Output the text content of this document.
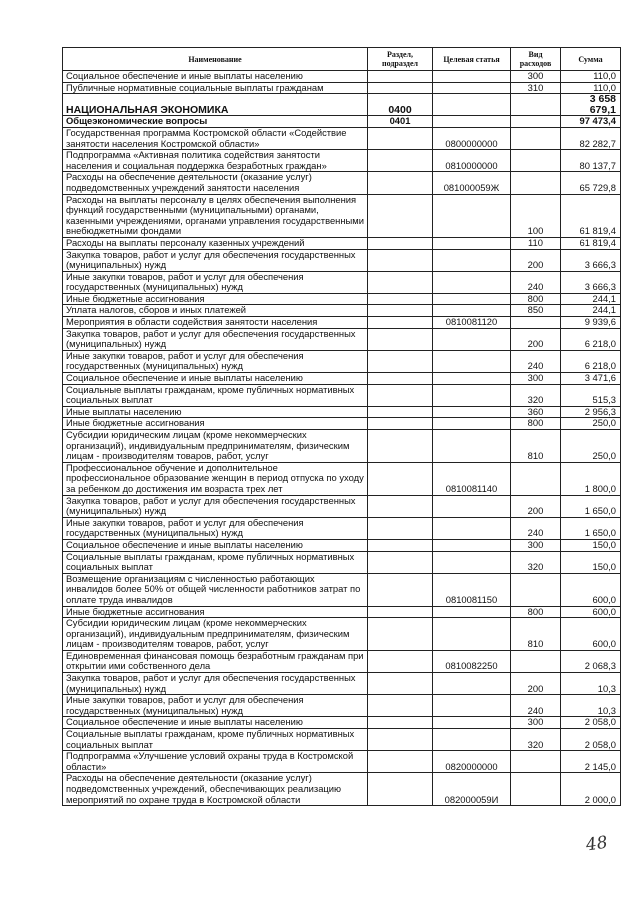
Наименование	Раздел, подраздел	Целевая статья	Вид расходов	Сумма
Социальное обеспечение и иные выплаты населению			300	110,0
Публичные нормативные социальные выплаты гражданам			310	110,0
НАЦИОНАЛЬНАЯ ЭКОНОМИКА	0400			3 658 679,1
Общеэкономические вопросы	0401			97 473,4
Государственная программа Костромской области «Содействие занятости населения Костромской области»		0800000000		82 282,7
Подпрограмма «Активная политика содействия занятости населения и социальная поддержка безработных граждан»		0810000000		80 137,7
Расходы на обеспечение деятельности (оказание услуг) подведомственных учреждений занятости населения		081000059Ж		65 729,8
Расходы на выплаты персоналу в целях обеспечения выполнения функций государственными (муниципальными) органами, казенными учреждениями, органами управления государственными внебюджетными фондами			100	61 819,4
Расходы на выплаты персоналу казенных учреждений			110	61 819,4
Закупка товаров, работ и услуг для обеспечения государственных (муниципальных) нужд			200	3 666,3
Иные закупки товаров, работ и услуг для обеспечения государственных (муниципальных) нужд			240	3 666,3
Иные бюджетные ассигнования			800	244,1
Уплата налогов, сборов и иных платежей			850	244,1
Мероприятия в области содействия занятости населения		0810081120		9 939,6
Закупка товаров, работ и услуг для обеспечения государственных (муниципальных) нужд			200	6 218,0
Иные закупки товаров, работ и услуг для обеспечения государственных (муниципальных) нужд			240	6 218,0
Социальное обеспечение и иные выплаты населению			300	3 471,6
Социальные выплаты гражданам, кроме публичных нормативных социальных выплат			320	515,3
Иные выплаты населению			360	2 956,3
Иные бюджетные ассигнования			800	250,0
Субсидии юридическим лицам (кроме некоммерческих организаций), индивидуальным предпринимателям, физическим лицам - производителям товаров, работ, услуг			810	250,0
Профессиональное обучение и дополнительное профессиональное образование женщин в период отпуска по уходу за ребенком до достижения им возраста трех лет		0810081140		1 800,0
Закупка товаров, работ и услуг для обеспечения государственных (муниципальных) нужд			200	1 650,0
Иные закупки товаров, работ и услуг для обеспечения государственных (муниципальных) нужд			240	1 650,0
Социальное обеспечение и иные выплаты населению			300	150,0
Социальные выплаты гражданам, кроме публичных нормативных социальных выплат			320	150,0
Возмещение организациям с численностью работающих инвалидов более 50% от общей численности работников затрат по оплате труда инвалидов		0810081150		600,0
Иные бюджетные ассигнования			800	600,0
Субсидии юридическим лицам (кроме некоммерческих организаций), индивидуальным предпринимателям, физическим лицам - производителям товаров, работ, услуг			810	600,0
Единовременная финансовая помощь безработным гражданам при открытии ими собственного дела		0810082250		2 068,3
Закупка товаров, работ и услуг для обеспечения государственных (муниципальных) нужд			200	10,3
Иные закупки товаров, работ и услуг для обеспечения государственных (муниципальных) нужд			240	10,3
Социальное обеспечение и иные выплаты населению			300	2 058,0
Социальные выплаты гражданам, кроме публичных нормативных социальных выплат			320	2 058,0
Подпрограмма «Улучшение условий охраны труда в Костромской области»		0820000000		2 145,0
Расходы на обеспечение деятельности (оказание услуг) подведомственных учреждений, обеспечивающих реализацию мероприятий по охране труда в Костромской области		082000059И		2 000,0
48
